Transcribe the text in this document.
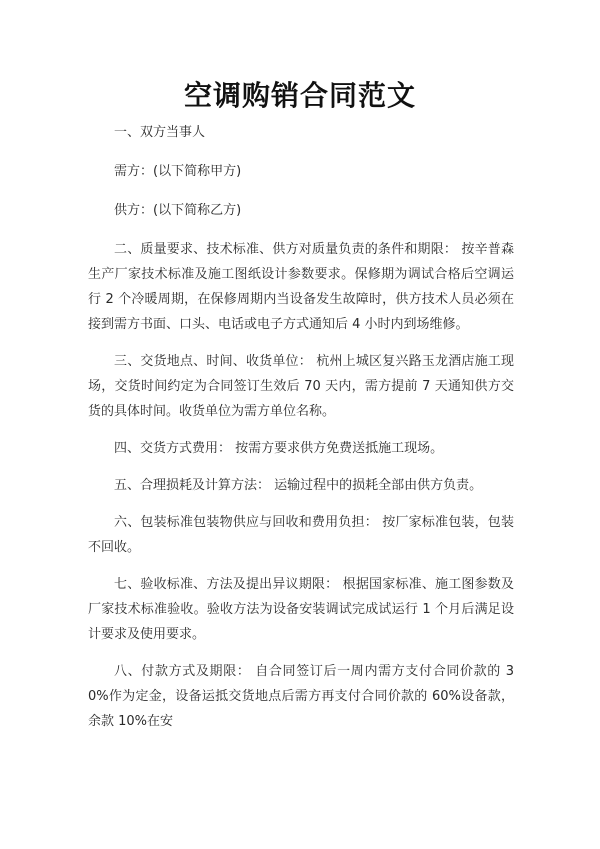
空调购销合同范文

一、双方当事人

需方：(以下简称甲方)

供方：(以下简称乙方)

二、质量要求、技术标准、供方对质量负责的条件和期限： 按辛普森生产厂家技术标准及施工图纸设计参数要求。保修期为调试合格后空调运行 2 个冷暖周期，在保修周期内当设备发生故障时，供方技术人员必须在接到需方书面、口头、电话或电子方式通知后 4 小时内到场维修。

三、交货地点、时间、收货单位： 杭州上城区复兴路玉龙酒店施工现场，交货时间约定为合同签订生效后 70 天内，需方提前 7 天通知供方交货的具体时间。收货单位为需方单位名称。

四、交货方式费用： 按需方要求供方免费送抵施工现场。

五、合理损耗及计算方法： 运输过程中的损耗全部由供方负责。

六、包装标准包装物供应与回收和费用负担： 按厂家标准包装，包装不回收。

七、验收标准、方法及提出异议期限： 根据国家标准、施工图参数及厂家技术标准验收。验收方法为设备安装调试完成试运行 1 个月后满足设计要求及使用要求。

八、付款方式及期限： 自合同签订后一周内需方支付合同价款的 30%作为定金，设备运抵交货地点后需方再支付合同价款的 60%设备款，余款 10%在安
